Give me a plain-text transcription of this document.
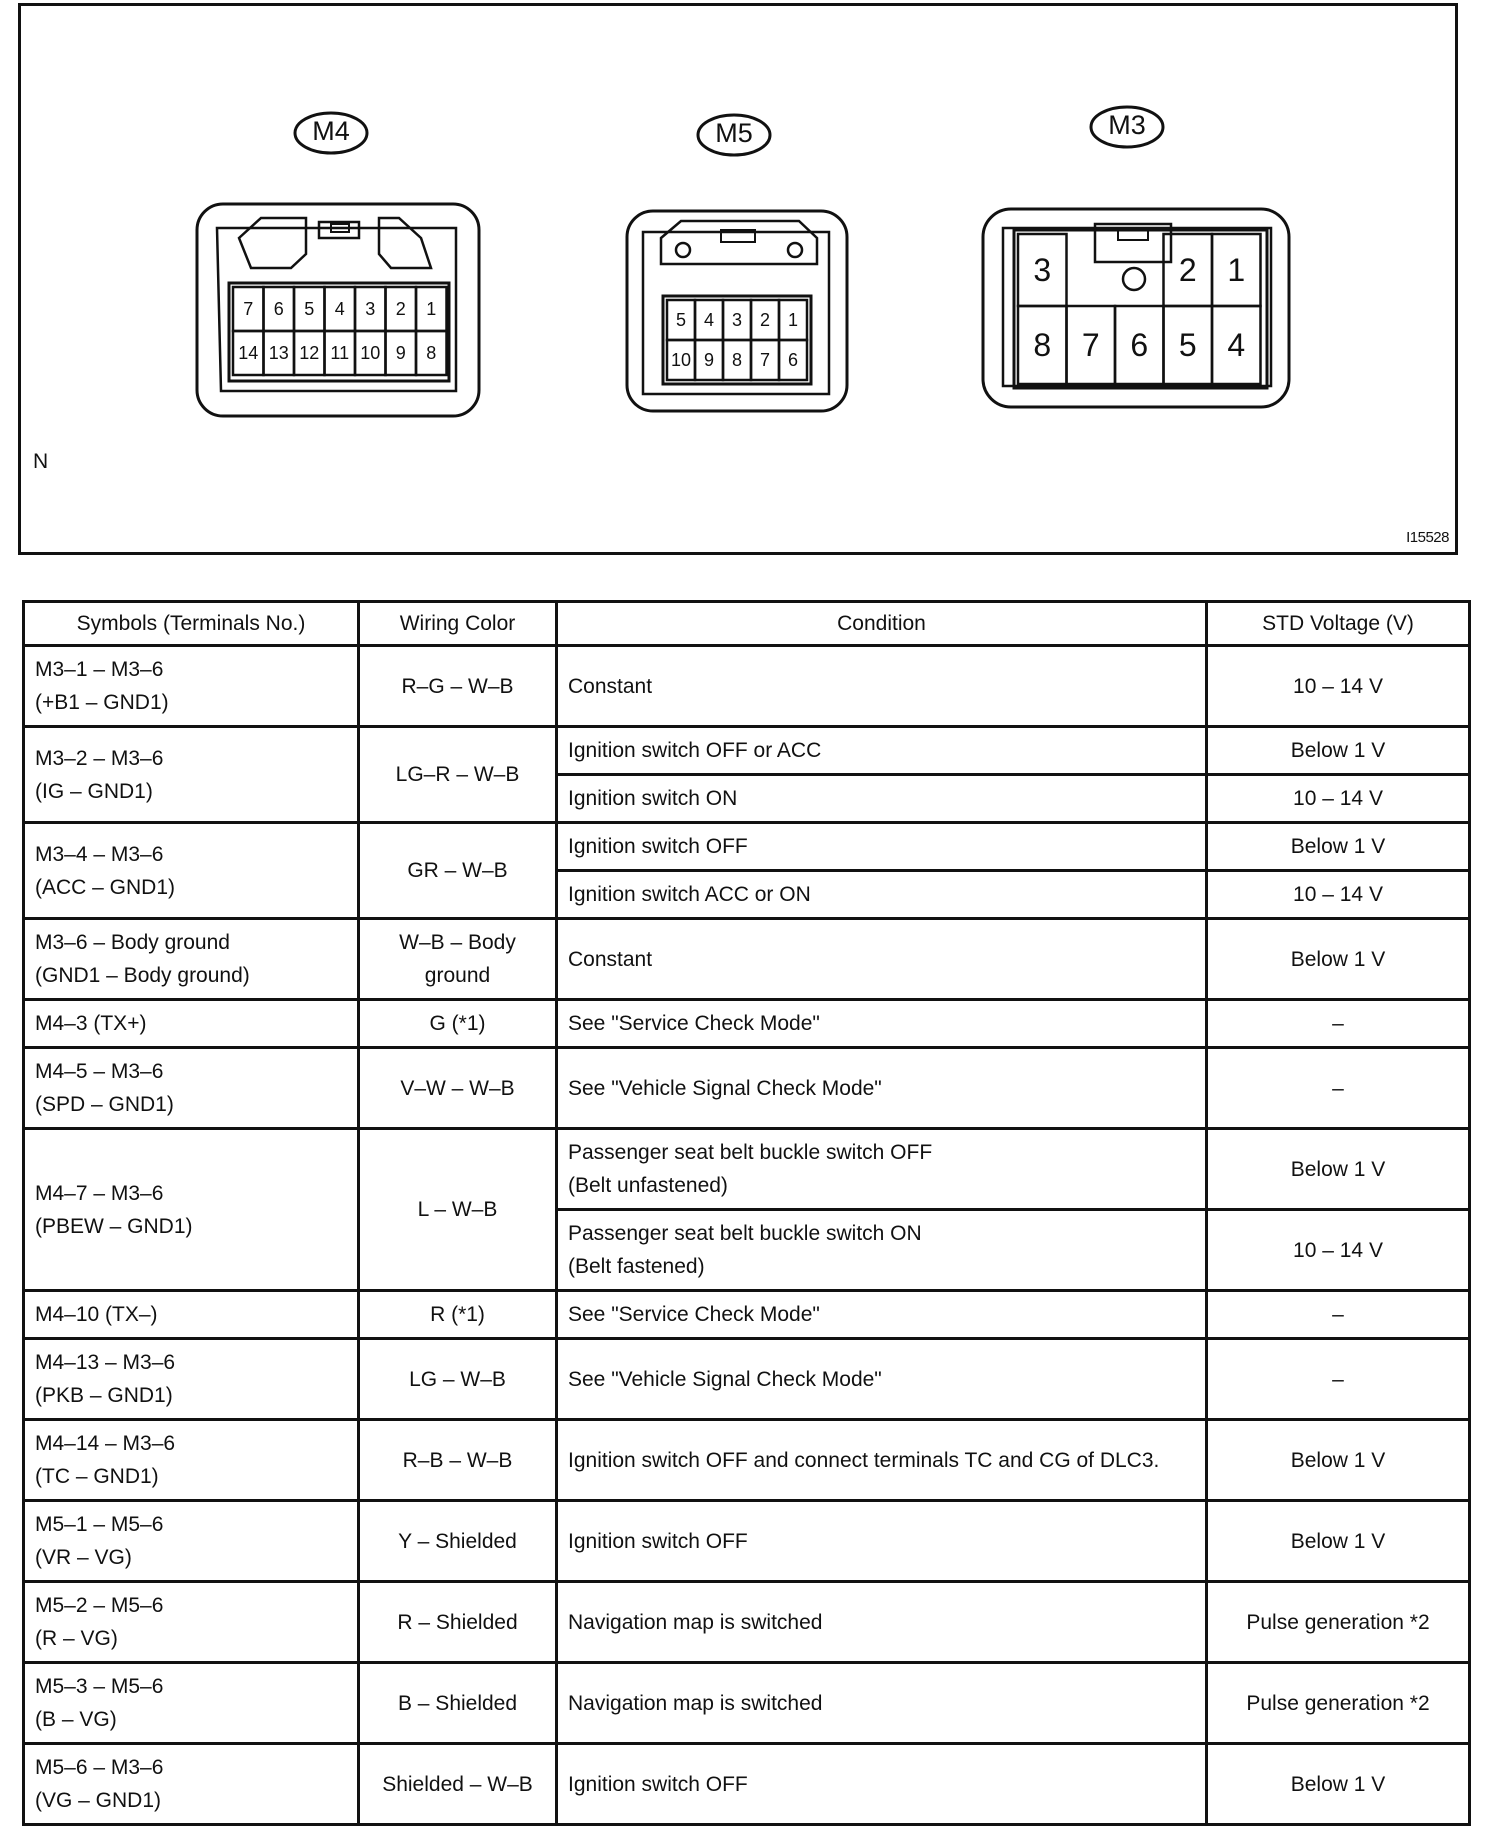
7 6 5 4 3 2 1
14 13 12 11 10 9 8
5 4 3 2 1
10 9 8 7 6
3	2 1
8 7 6 5 4
M4	M5	M3
N
I15528
Symbols (Terminals No.)	Wiring Color	Condition	STD Voltage (V)

M3–1 – M3–6
(+B1 – GND1)	R–G – W–B	Constant	10 – 14 V

M3–2 – M3–6
(IG – GND1)	LG–R – W–B	Ignition switch OFF or ACC	Below 1 V

		Ignition switch ON	10 – 14 V

M3–4 – M3–6
(ACC – GND1)	GR – W–B	Ignition switch OFF	Below 1 V

		Ignition switch ACC or ON	10 – 14 V

M3–6 – Body ground
(GND1 – Body ground)	W–B – Body
ground	Constant	Below 1 V

M4–3 (TX+)	G (*1)	See "Service Check Mode"	–

M4–5 – M3–6
(SPD – GND1)	V–W – W–B	See "Vehicle Signal Check Mode"	–

M4–7 – M3–6
(PBEW – GND1)	L – W–B	Passenger seat belt buckle switch OFF
(Belt unfastened)	Below 1 V

		Passenger seat belt buckle switch ON
(Belt fastened)	10 – 14 V

M4–10 (TX–)	R (*1)	See "Service Check Mode"	–

M4–13 – M3–6
(PKB – GND1)	LG – W–B	See "Vehicle Signal Check Mode"	–

M4–14 – M3–6
(TC – GND1)	R–B – W–B	Ignition switch OFF and connect terminals TC and CG of DLC3.	Below 1 V

M5–1 – M5–6
(VR – VG)	Y – Shielded	Ignition switch OFF	Below 1 V

M5–2 – M5–6
(R – VG)	R – Shielded	Navigation map is switched	Pulse generation *2

M5–3 – M5–6
(B – VG)	B – Shielded	Navigation map is switched	Pulse generation *2

M5–6 – M3–6
(VG – GND1)	Shielded – W–B	Ignition switch OFF	Below 1 V
